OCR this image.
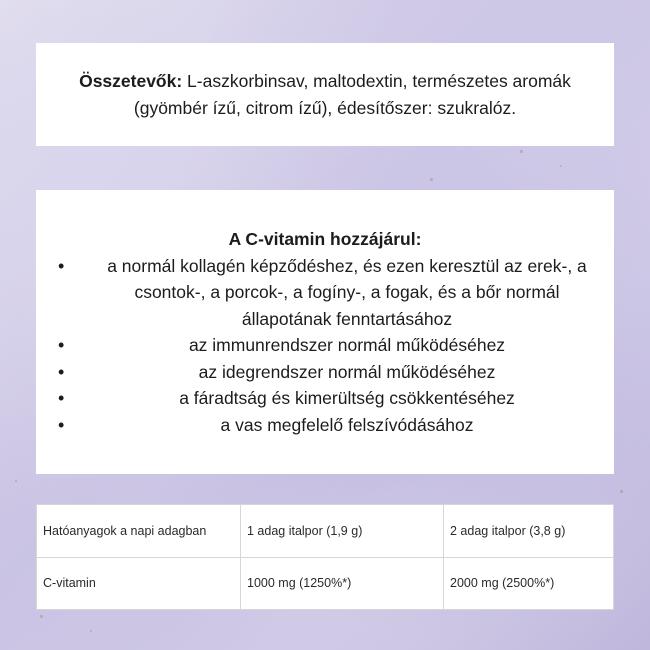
Összetevők: L-aszkorbinsav, maltodextin, természetes aromák (gyömbér ízű, citrom ízű), édesítőszer: szukralóz.
A C-vitamin hozzájárul:
• a normál kollagén képződéshez, és ezen keresztül az erek-, a csontok-, a porcok-, a fogíny-, a fogak, és a bőr normál állapotának fenntartásához
•	az immunrendszer normál működéséhez
•	az idegrendszer normál működéséhez
•	a fáradtság és kimerültség csökkentéséhez
•	a vas megfelelő felszívódásához
Hatóanyagok a napi adagban	1 adag italpor (1,9 g)	2 adag italpor (3,8 g)
C-vitamin	1000 mg (1250%*)	2000 mg (2500%*)
